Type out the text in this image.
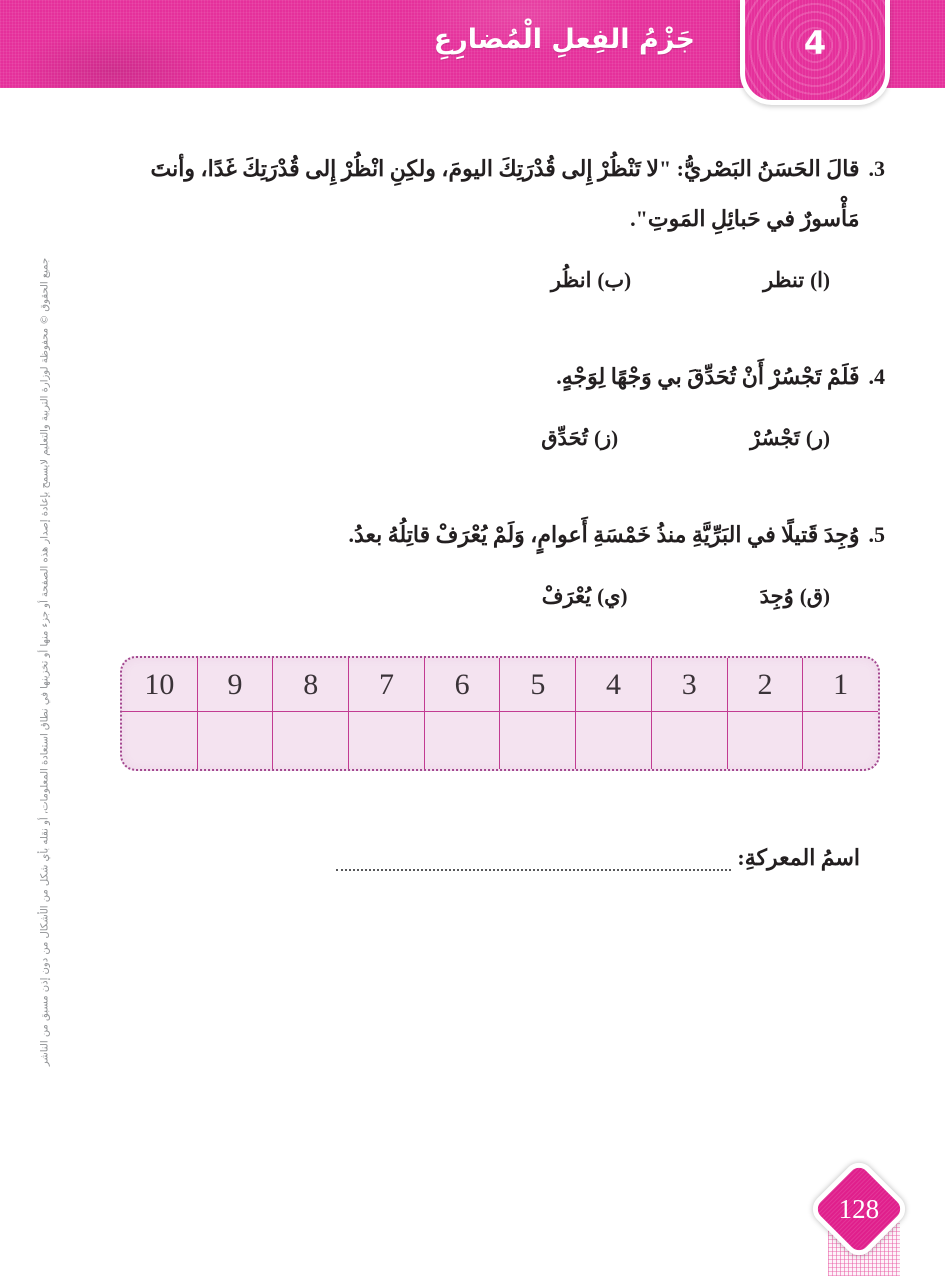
جَزْمُ الفِعلِ الْمُضارِعِ	4
جميع الحقوق © محفوظة لوزارة التربية والتعليم لايسمح بإعادة إصدار هذه الصفحة أو جزء منها أو تخزينها في نطاق استعادة المعلومات، أو نقله بأي شكل من الأشكال من دون إذن مسبق من الناشر
3.
قالَ الحَسَنُ البَصْريُّ: "لا تَنْظُرْ إِلى قُدْرَتِكَ اليومَ، ولكِنِ انْظُرْ إِلى قُدْرَتِكَ غَدًا، وأنتَ مَأْسورٌ في حَبائِلِ المَوتِ".
(ا)تنظر
(ب)انظُر
4.
فَلَمْ تَجْسُرْ أَنْ تُحَدِّقَ بي وَجْهًا لِوَجْهٍ.
(ر)تَجْسُرْ
(ز)تُحَدِّق
5.
وُجِدَ قَتيلًا في البَرِّيَّةِ منذُ خَمْسَةِ أَعوامٍ، وَلَمْ يُعْرَفْ قاتِلُهُ بعدُ.
(ق)وُجِدَ
(ي)يُعْرَفْ
1
2
3
4
5
6
7
8
9
10
اسمُ المعركةِ:
128
